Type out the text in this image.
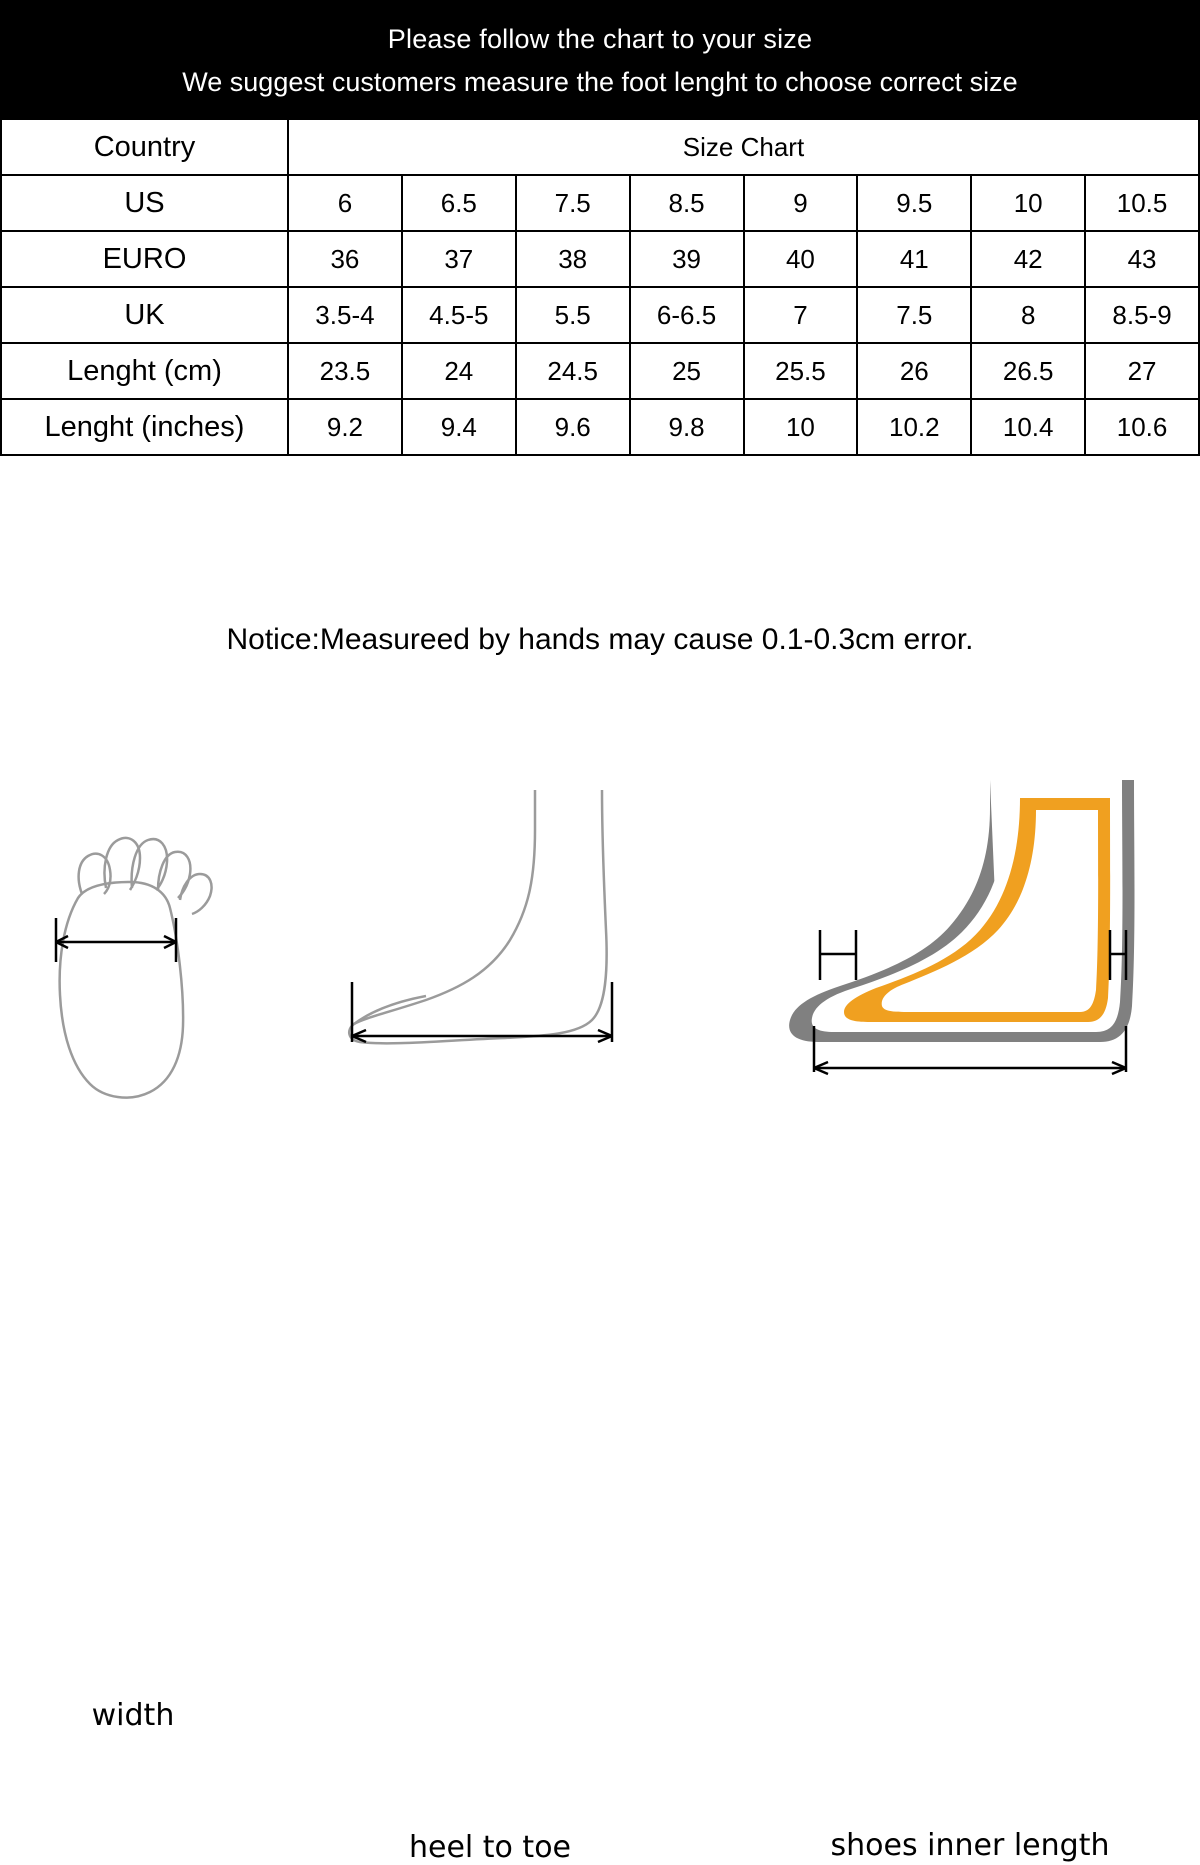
Please follow the chart to your size
We suggest customers measure the foot lenght to choose correct size
Country	Size Chart							
US	6	6.5	7.5	8.5	9	9.5	10	10.5
EURO	36	37	38	39	40	41	42	43
UK	3.5-4	4.5-5	5.5	6-6.5	7	7.5	8	8.5-9
Lenght (cm)	23.5	24	24.5	25	25.5	26	26.5	27
Lenght (inches)	9.2	9.4	9.6	9.8	10	10.2	10.4	10.6
Notice:Measureed by hands may cause 0.1-0.3cm error.
width
heel to toe	shoes inner length
